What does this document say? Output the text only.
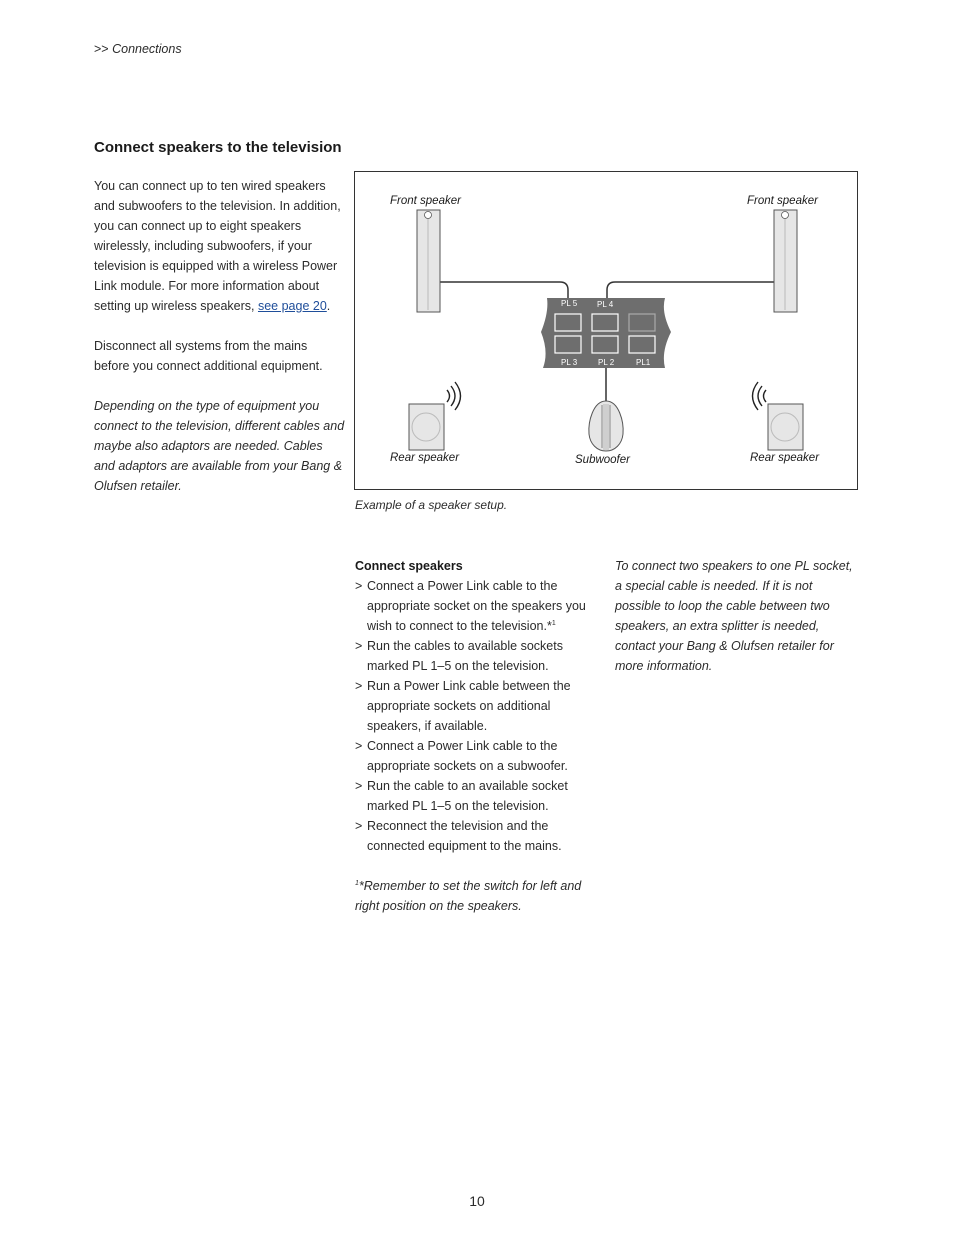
>> Connections
Connect speakers to the television

You can connect up to ten wired speakers and subwoofers to the television. In addition, you can connect up to eight speakers wirelessly, including subwoofers, if your television is equipped with a wireless Power Link module. For more information about setting up wireless speakers, see page 20.

Disconnect all systems from the mains before you connect additional equipment.

Depending on the type of equipment you connect to the television, different cables and maybe also adaptors are needed. Cables and adaptors are available from your Bang & Olufsen retailer.

PL 5 PL 4
PL 3	PL 2	PL1
Front speaker	Front speaker
Rear speaker	Rear speaker
Subwoofer
Example of a speaker setup.
Connect speakers
> Connect a Power Link cable to the appropriate socket on the speakers you wish to connect to the television.*$^1$
> Run the cables to available sockets marked PL 1–5 on the television.
> Run a Power Link cable between the appropriate sockets on additional speakers, if available.
> Connect a Power Link cable to the appropriate sockets on a subwoofer.
> Run the cable to an available socket marked PL 1–5 on the television.
> Reconnect the television and the connected equipment to the mains.
$^1$*Remember to set the switch for left and right position on the speakers.
To connect two speakers to one PL socket, a special cable is needed. If it is not possible to loop the cable between two speakers, an extra splitter is needed, contact your Bang & Olufsen retailer for more information.
10
